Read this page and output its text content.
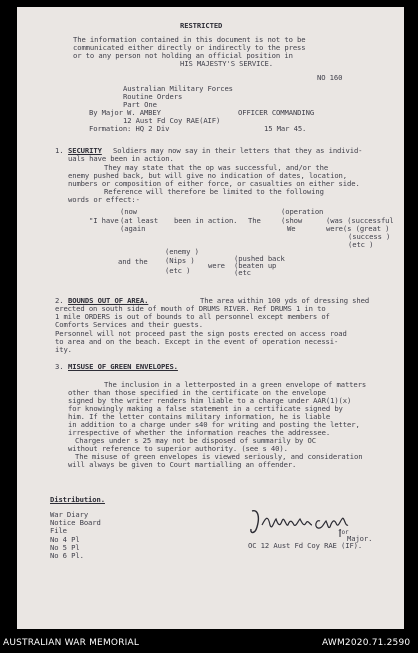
RESTRICTED
The information contained in this document is not to be
communicated either directly or indirectly to the press
or to any person not holding an official position in
HIS MAJESTY'S SERVICE.
NO 160
Australian Military Forces
Routine Orders
Part One
By Major W. AMBEY	OFFICER COMMANDING
12 Aust Fd Coy RAE(AIF)
Formation: HQ 2 Div	15 Mar 45.
1. SECURITY Soldiers may now say in their letters that they as individ-
uals have been in action.
They may state that the op was successful, and/or the
enemy pushed back, but will give no indication of dates, location,
numbers or composition of either force, or casualties on either side.
Reference will therefore be limited to the following
words or effect:-
(now	(operation
"I have (at least been in action. The	(show	(was (successful
(again	We	were(s (great )
(success )
(etc )
(enemy )
(pushed back
and the (Nips )
were (beaten up
(etc )	(etc
2. BOUNDS OUT OF AREA.	The area within 100 yds of dressing shed
erected on south side of mouth of DRUMS RIVER. Ref DRUMS 1 in to
1 mile ORDERS is out of bounds to all personnel except members of
Comforts Services and their guests.
Personnel will not proceed past the sign posts erected on access road
to area and on the beach. Except in the event of operation necessi-
ity.
3. MISUSE OF GREEN ENVELOPES.
The inclusion in a letterposted in a green envelope of matters
other than those specified in the certificate on the envelope
signed by the writer renders him liable to a charge under AAR(1)(x)
for knowingly making a false statement in a certificate signed by
him. If the letter contains military information, he is liable
in addition to a charge under s40 for writing and posting the letter,
irrespective of whether the information reaches the addressee.
Charges under s 25 may not be disposed of summarily by OC
without reference to superior authority. (see s 40).
The misuse of green envelopes is viewed seriously, and consideration
will always be given to Court martialling an offender.
Distribution.
War Diary
Notice Board
File
No 4 Pl
No 5 Pl
No 6 Pl.
for
Major.
OC 12 Aust Fd Coy RAE (IF).
AUSTRALIAN WAR MEMORIAL	AWM2020.71.2590
